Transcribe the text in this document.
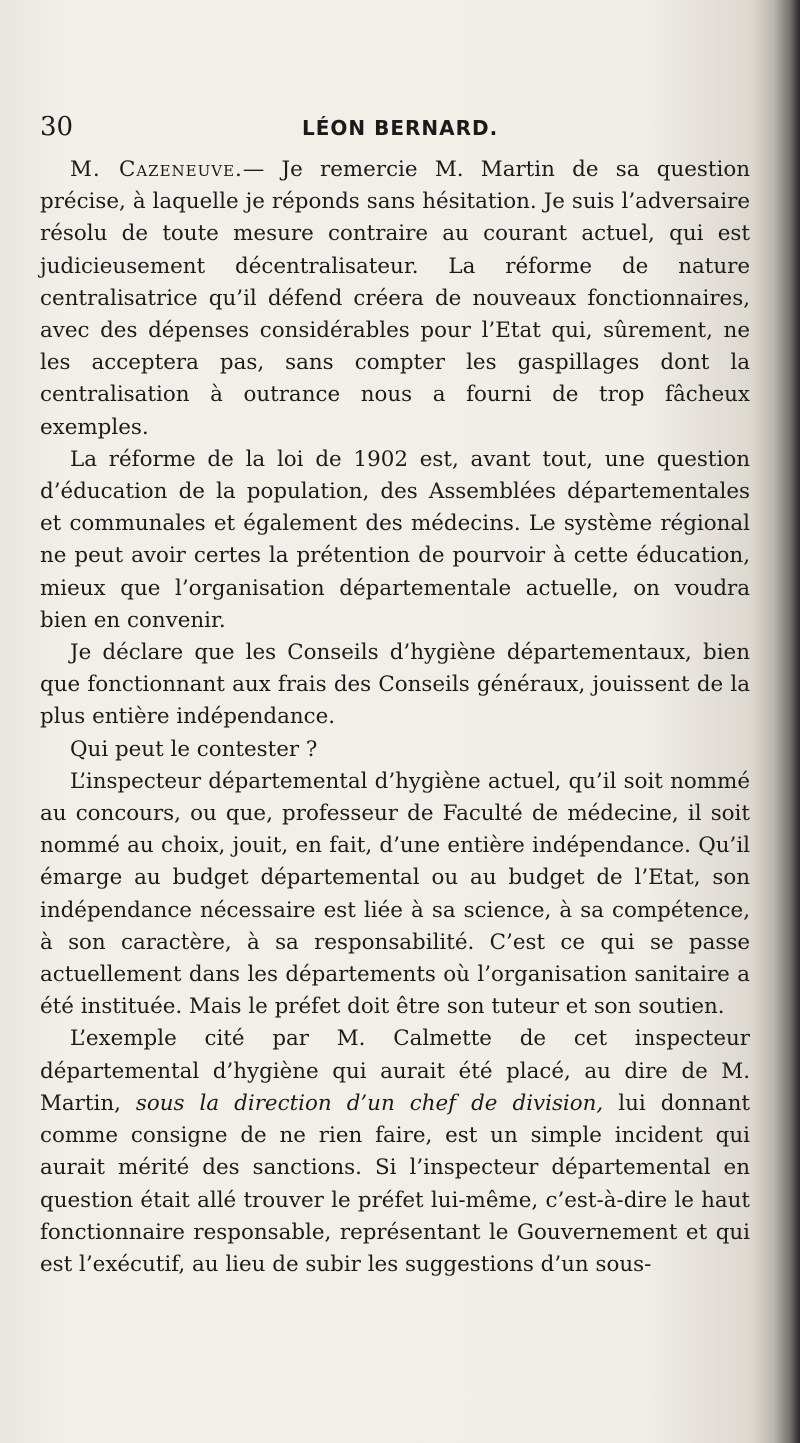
30	LÉON BERNARD.

M. Cazeneuve.— Je remercie M. Martin de sa question précise, à laquelle je réponds sans hésitation. Je suis l’adversaire résolu de toute mesure contraire au courant actuel, qui est judicieusement décentralisateur. La réforme de nature centralisatrice qu’il défend créera de nouveaux fonctionnaires, avec des dépenses considérables pour l’Etat qui, sûrement, ne les acceptera pas, sans compter les gaspillages dont la centralisation à outrance nous a fourni de trop fâcheux exemples.

La réforme de la loi de 1902 est, avant tout, une question d’éducation de la population, des Assemblées départementales et communales et également des médecins. Le système régional ne peut avoir certes la prétention de pourvoir à cette éducation, mieux que l’organisation départementale actuelle, on voudra bien en convenir.

Je déclare que les Conseils d’hygiène départementaux, bien que fonctionnant aux frais des Conseils généraux, jouissent de la plus entière indépendance.

Qui peut le contester ?

L’inspecteur départemental d’hygiène actuel, qu’il soit nommé au concours, ou que, professeur de Faculté de médecine, il soit nommé au choix, jouit, en fait, d’une entière indépendance. Qu’il émarge au budget départemental ou au budget de l’Etat, son indépendance nécessaire est liée à sa science, à sa compétence, à son caractère, à sa responsabilité. C’est ce qui se passe actuellement dans les départements où l’organisation sanitaire a été instituée. Mais le préfet doit être son tuteur et son soutien.

L’exemple cité par M. Calmette de cet inspecteur départemental d’hygiène qui aurait été placé, au dire de M. Martin, sous la direction d’un chef de division, lui donnant comme consigne de ne rien faire, est un simple incident qui aurait mérité des sanctions. Si l’inspecteur départemental en question était allé trouver le préfet lui-même, c’est-à-dire le haut fonctionnaire responsable, représentant le Gouvernement et qui est l’exécutif, au lieu de subir les suggestions d’un sous-
